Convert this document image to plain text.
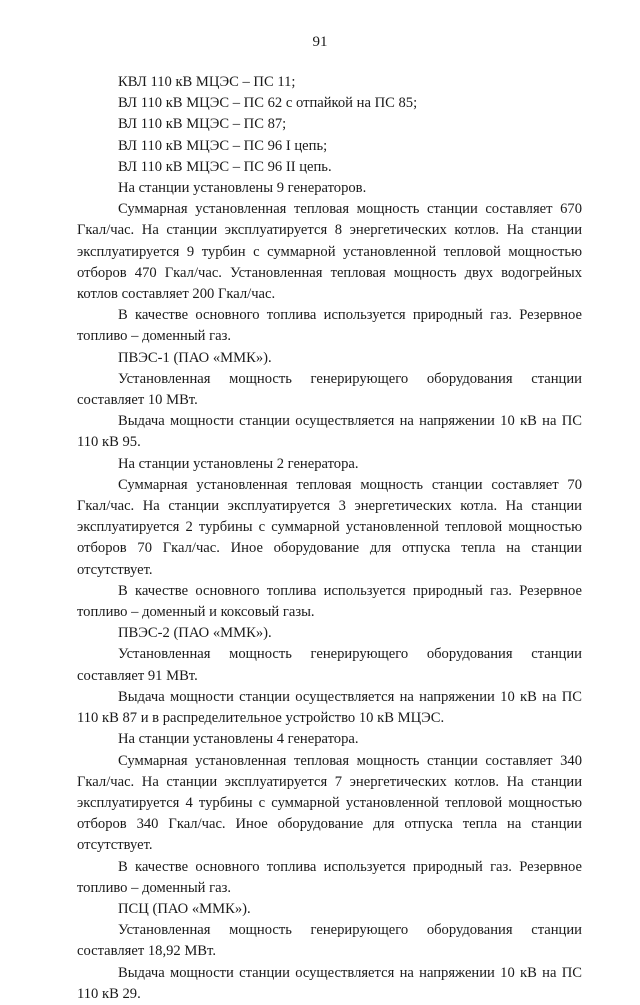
91

КВЛ 110 кВ МЦЭС – ПС 11;

ВЛ 110 кВ МЦЭС – ПС 62 с отпайкой на ПС 85;

ВЛ 110 кВ МЦЭС – ПС 87;

ВЛ 110 кВ МЦЭС – ПС 96 I цепь;

ВЛ 110 кВ МЦЭС – ПС 96 II цепь.

На станции установлены 9 генераторов.

Суммарная установленная тепловая мощность станции составляет 670 Гкал/час. На станции эксплуатируется 8 энергетических котлов. На станции эксплуатируется 9 турбин с суммарной установленной тепловой мощностью отборов 470 Гкал/час. Установленная тепловая мощность двух водогрейных котлов составляет 200 Гкал/час.

В качестве основного топлива используется природный газ. Резервное топливо – доменный газ.

ПВЭС-1 (ПАО «ММК»).

Установленная мощность генерирующего оборудования станции составляет 10 МВт.

Выдача мощности станции осуществляется на напряжении 10 кВ на ПС 110 кВ 95.

На станции установлены 2 генератора.

Суммарная установленная тепловая мощность станции составляет 70 Гкал/час. На станции эксплуатируется 3 энергетических котла. На станции эксплуатируется 2 турбины с суммарной установленной тепловой мощностью отборов 70 Гкал/час. Иное оборудование для отпуска тепла на станции отсутствует.

В качестве основного топлива используется природный газ. Резервное топливо – доменный и коксовый газы.

ПВЭС-2 (ПАО «ММК»).

Установленная мощность генерирующего оборудования станции составляет 91 МВт.

Выдача мощности станции осуществляется на напряжении 10 кВ на ПС 110 кВ 87 и в распределительное устройство 10 кВ МЦЭС.

На станции установлены 4 генератора.

Суммарная установленная тепловая мощность станции составляет 340 Гкал/час. На станции эксплуатируется 7 энергетических котлов. На станции эксплуатируется 4 турбины с суммарной установленной тепловой мощностью отборов 340 Гкал/час. Иное оборудование для отпуска тепла на станции отсутствует.

В качестве основного топлива используется природный газ. Резервное топливо – доменный газ.

ПСЦ (ПАО «ММК»).

Установленная мощность генерирующего оборудования станции составляет 18,92 МВт.

Выдача мощности станции осуществляется на напряжении 10 кВ на ПС 110 кВ 29.
